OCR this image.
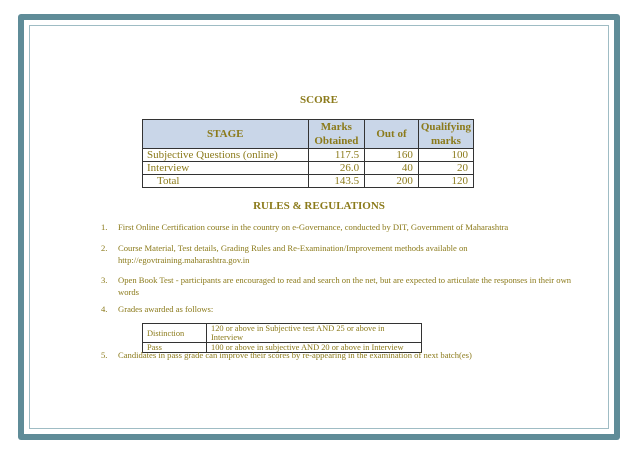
SCORE
STAGE	Marks Obtained	Out of	Qualifying marks
Subjective Questions (online)	117.5	160	100
Interview	26.0	40	20
Total	143.5	200	120
RULES & REGULATIONS
1. First Online Certification course in the country on e-Governance, conducted by DIT, Government of Maharashtra
2. Course Material, Test details, Grading Rules and Re-Examination/Improvement methods available on http://egovtraining.maharashtra.gov.in
3. Open Book Test - participants are encouraged to read and search on the net, but are expected to articulate the responses in their own words
4. Grades awarded as follows:
Distinction	120 or above in Subjective test AND 25 or above in Interview
Pass	100 or above in subjective AND 20 or above in Interview
5. Candidates in pass grade can improve their scores by re-appearing in the examination of next batch(es)
